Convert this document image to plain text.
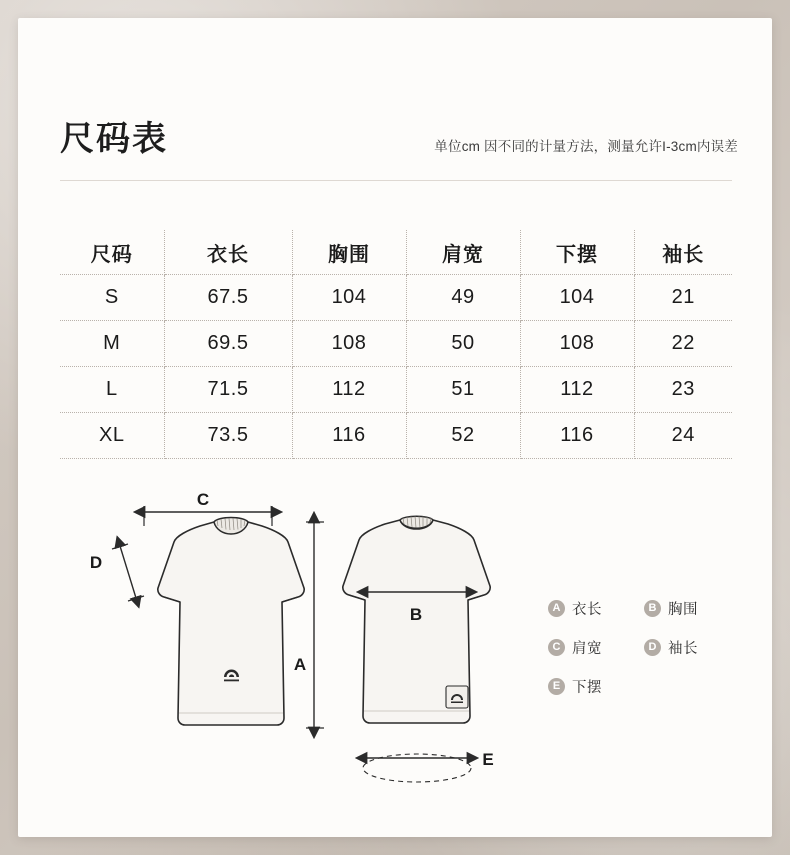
尺码表	单位cm 因不同的计量方法，测量允许I-3cm内误差
尺码	衣长	胸围	肩宽	下摆	袖长
S	67.5	104	49	104	21
M	69.5	108	50	108	22
L	71.5	112	51	112	23
XL	73.5	116	52	116	24
C
D
A
B
E
A 衣长	B 胸围
C 肩宽	D 袖长
E 下摆
